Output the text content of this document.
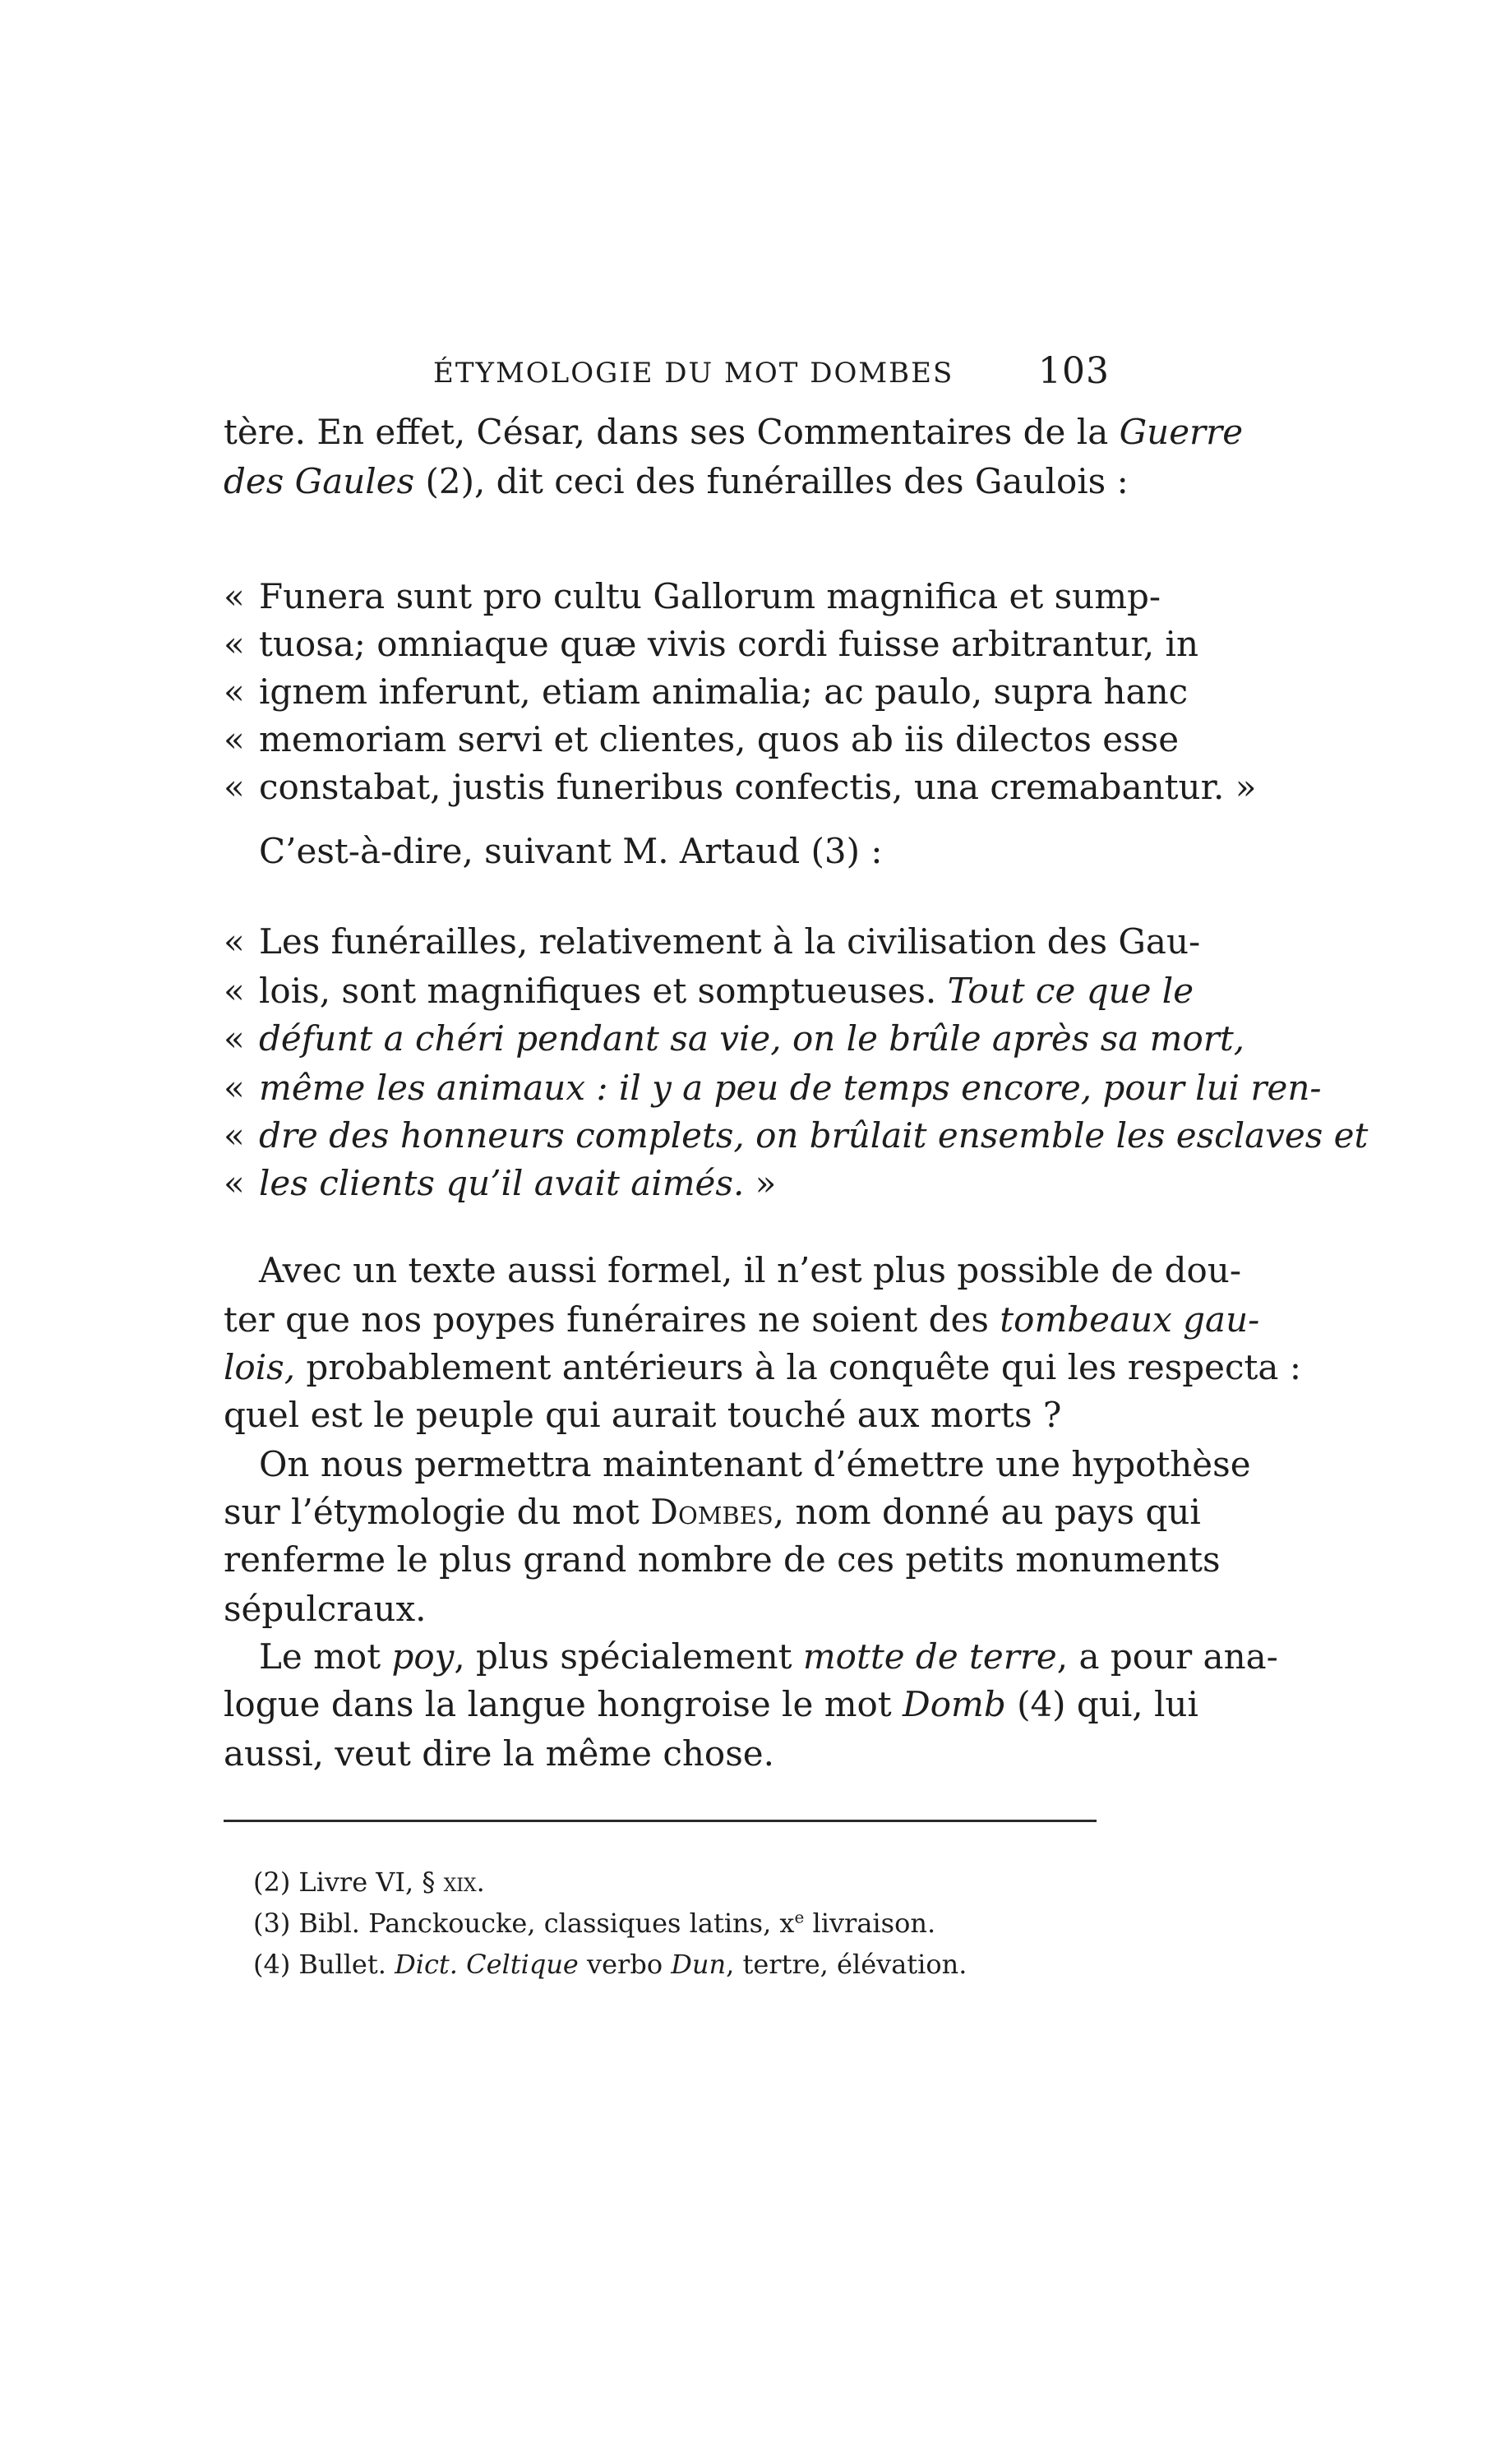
ÉTYMOLOGIE DU MOT DOMBES 103
tère. En effet, César, dans ses Commentaires de la Guerre
des Gaules (2), dit ceci des funérailles des Gaulois :
« Funera sunt pro cultu Gallorum magnifica et sump-
« tuosa; omniaque quæ vivis cordi fuisse arbitrantur, in
« ignem inferunt, etiam animalia; ac paulo, supra hanc
« memoriam servi et clientes, quos ab iis dilectos esse
« constabat, justis funeribus confectis, una cremabantur. »
C’est-à-dire, suivant M. Artaud (3) :
« Les funérailles, relativement à la civilisation des Gau-
« lois, sont magnifiques et somptueuses. Tout ce que le
« défunt a chéri pendant sa vie, on le brûle après sa mort,
« même les animaux : il y a peu de temps encore, pour lui ren-
« dre des honneurs complets, on brûlait ensemble les esclaves et
« les clients qu’il avait aimés. »
Avec un texte aussi formel, il n’est plus possible de dou-
ter que nos poypes funéraires ne soient des tombeaux gau-
lois, probablement antérieurs à la conquête qui les respecta :
quel est le peuple qui aurait touché aux morts ?
On nous permettra maintenant d’émettre une hypothèse
sur l’étymologie du mot Dombes, nom donné au pays qui
renferme le plus grand nombre de ces petits monuments
sépulcraux.
Le mot poy, plus spécialement motte de terre, a pour ana-
logue dans la langue hongroise le mot Domb (4) qui, lui
aussi, veut dire la même chose.
(2) Livre VI, § xix.
(3) Bibl. Panckoucke, classiques latins, $x^e$ livraison.
(4) Bullet. Dict. Celtique verbo Dun, tertre, élévation.
